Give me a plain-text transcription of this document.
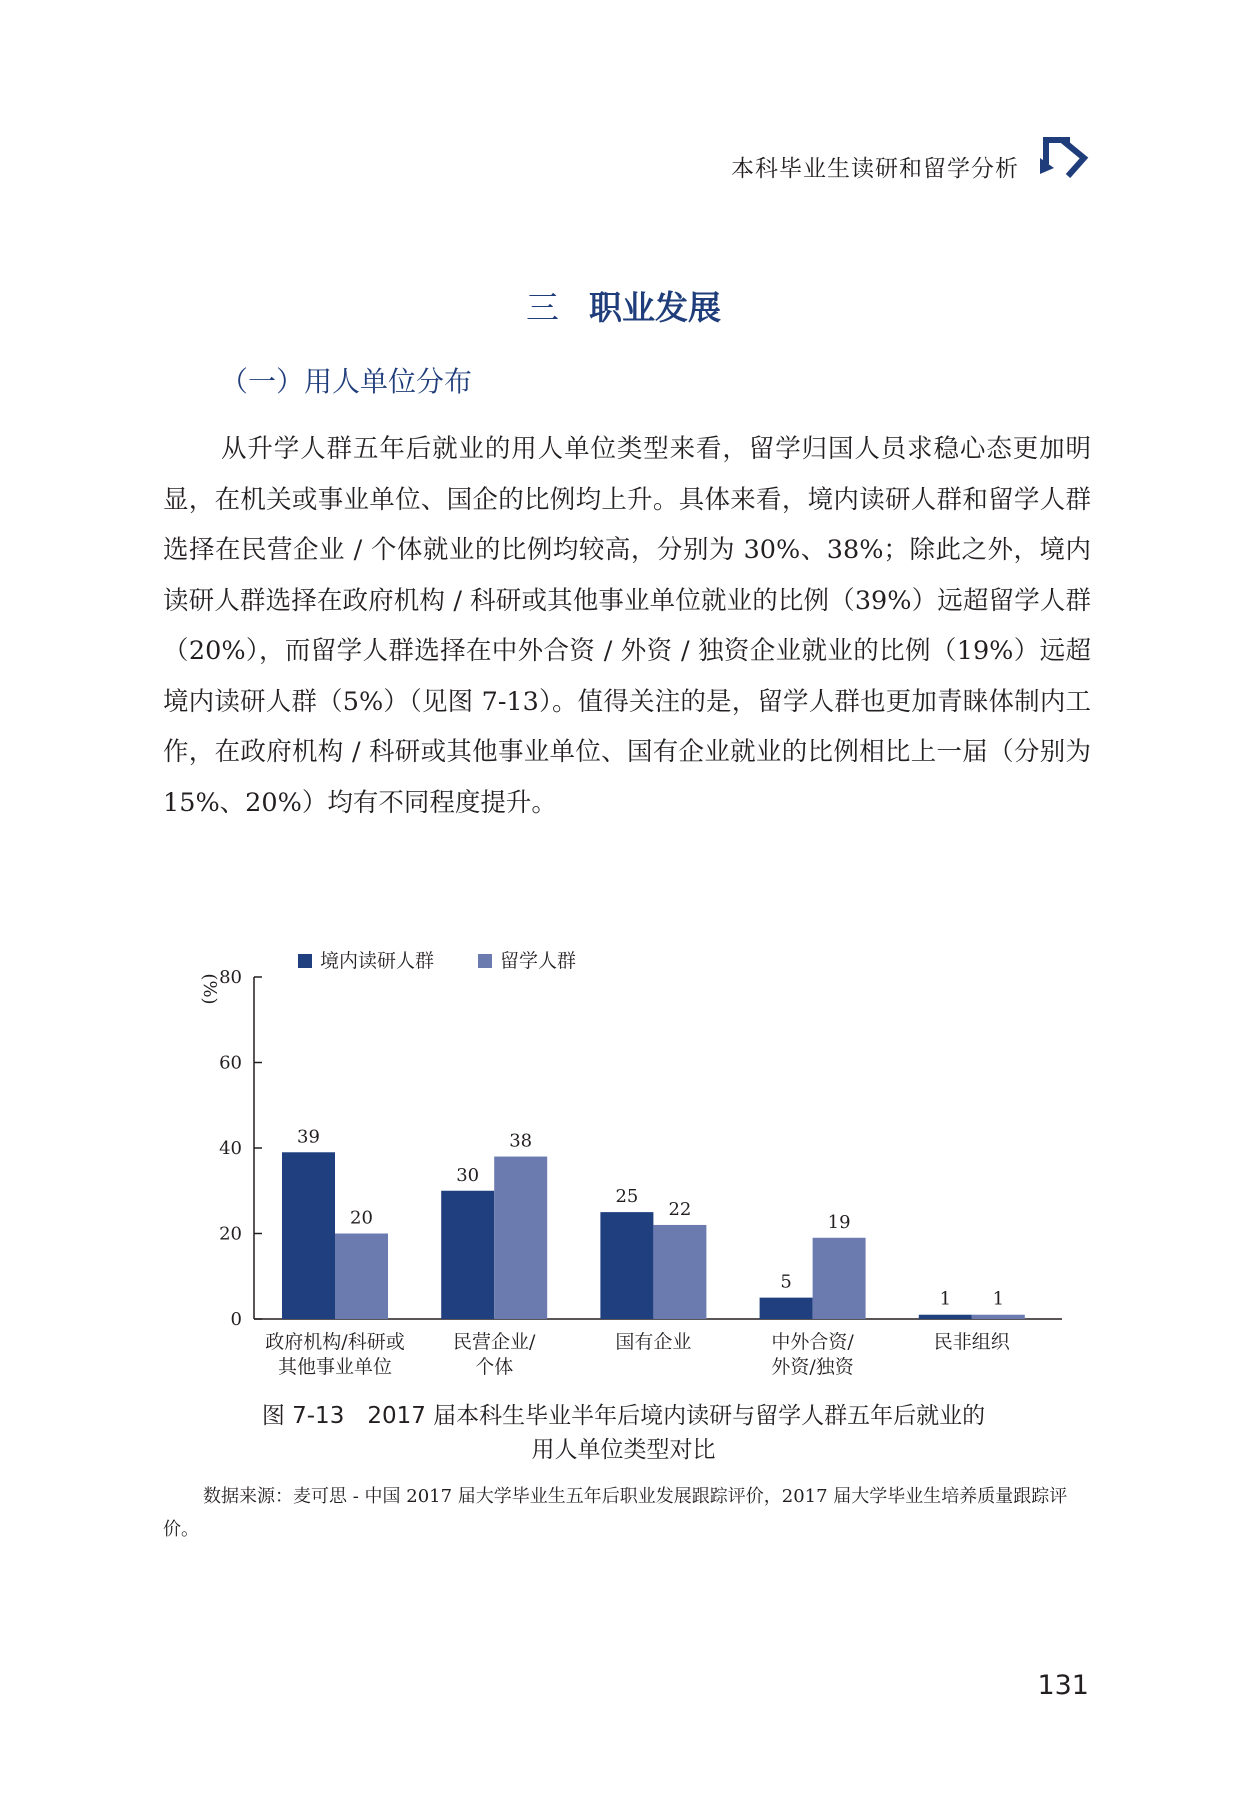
本科毕业生读研和留学分析
三 职业发展
（一）用人单位分布

从升学人群五年后就业的用人单位类型来看，留学归国人员求稳心态更加明显，在机关或事业单位、国企的比例均上升。具体来看，境内读研人群和留学人群选择在民营企业 / 个体就业的比例均较高，分别为 30%、38%；除此之外，境内读研人群选择在政府机构 / 科研或其他事业单位就业的比例（39%）远超留学人群（20%），而留学人群选择在中外合资 / 外资 / 独资企业就业的比例（19%）远超境内读研人群（5%）（见图 7-13）。值得关注的是，留学人群也更加青睐体制内工作，在政府机构 / 科研或其他事业单位、国有企业就业的比例相比上一届（分别为 15%、20%）均有不同程度提升。

0
20
40
60
80
(%)
境内读研人群	留学人群
39
20
政府机构/科研或
其他事业单位
30
38
民营企业/
个体
25
22
国有企业
5
19
中外合资/
外资/独资
1 1
民非组织
图 7-13　2017 届本科生毕业半年后境内读研与留学人群五年后就业的
用人单位类型对比

数据来源：麦可思 - 中国 2017 届大学毕业生五年后职业发展跟踪评价，2017 届大学毕业生培养质量跟踪评价。

131
